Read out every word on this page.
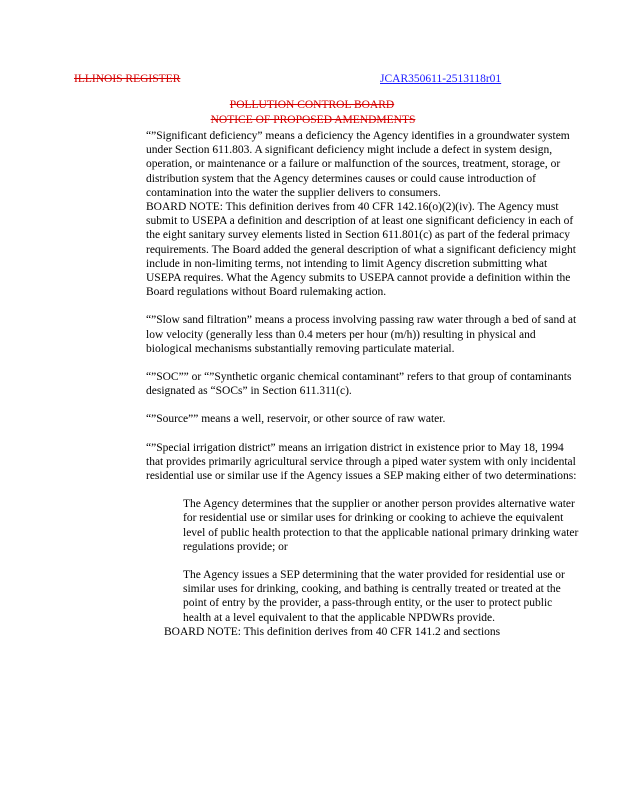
ILLINOIS REGISTER	JCAR350611-2513118r01
POLLUTION CONTROL BOARD
NOTICE OF PROPOSED AMENDMENTS

“”Significant deficiency” means a deficiency the Agency identifies in a groundwater system under Section 611.803. A significant deficiency might include a defect in system design, operation, or maintenance or a failure or malfunction of the sources, treatment, storage, or distribution system that the Agency determines causes or could cause introduction of contamination into the water the supplier delivers to consumers.

BOARD NOTE: This definition derives from 40 CFR 142.16(o)(2)(iv). The Agency must submit to USEPA a definition and description of at least one significant deficiency in each of the eight sanitary survey elements listed in Section 611.801(c) as part of the federal primacy requirements. The Board added the general description of what a significant deficiency might include in non-limiting terms, not intending to limit Agency discretion submitting what USEPA requires. What the Agency submits to USEPA cannot provide a definition within the Board regulations without Board rulemaking action.

“”Slow sand filtration” means a process involving passing raw water through a bed of sand at low velocity (generally less than 0.4 meters per hour (m/h)) resulting in physical and biological mechanisms substantially removing particulate material.

“”SOC”” or “”Synthetic organic chemical contaminant” refers to that group of contaminants designated as “SOCs” in Section 611.311(c).

“”Source”” means a well, reservoir, or other source of raw water.

“”Special irrigation district” means an irrigation district in existence prior to May 18, 1994 that provides primarily agricultural service through a piped water system with only incidental residential use or similar use if the Agency issues a SEP making either of two determinations:

The Agency determines that the supplier or another person provides alternative water for residential use or similar uses for drinking or cooking to achieve the equivalent level of public health protection to that the applicable national primary drinking water regulations provide; or

The Agency issues a SEP determining that the water provided for residential use or similar uses for drinking, cooking, and bathing is centrally treated or treated at the point of entry by the provider, a pass-through entity, or the user to protect public health at a level equivalent to that the applicable NPDWRs provide.

BOARD NOTE: This definition derives from 40 CFR 141.2 and sections
